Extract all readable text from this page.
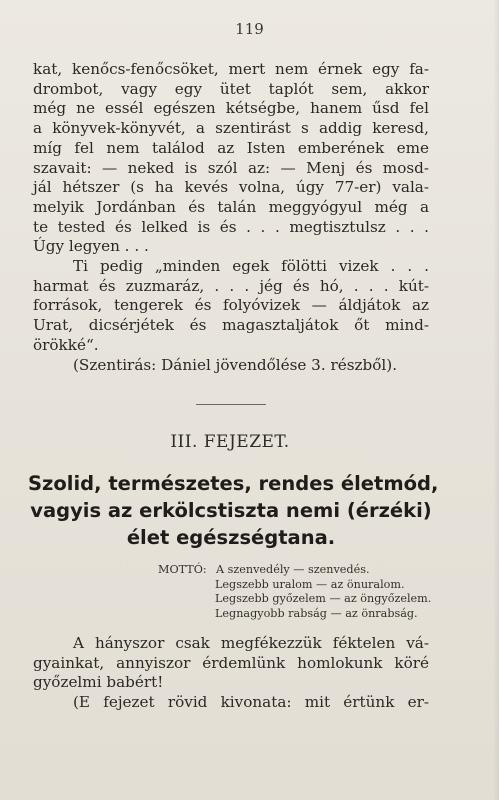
119
kat, kenőcs-fenőcsöket, mert nem érnek egy fa-
drombot, vagy egy ütet taplót sem, akkor
még ne essél egészen kétségbe, hanem űsd fel
a könyvek-könyvét, a szentirást s addig keresd,
míg fel nem találod az Isten emberének eme
szavait: — neked is szól az: — Menj és mosd-
jál hétszer (s ha kevés volna, úgy 77-er) vala-
melyik Jordánban és talán meggyógyul még a
te tested és lelked is és . . . megtisztulsz . . .
Úgy legyen . . .
Ti pedig „minden egek fölötti vizek . . .
harmat és zuzmaráz, . . . jég és hó, . . . kút-
források, tengerek és folyóvizek — áldjátok az
Urat, dicsérjétek és magasztaljátok őt mind-
örökké“.
(Szentirás: Dániel jövendőlése 3. részből).
III. FEJEZET.
Szolid, természetes, rendes életmód,
vagyis az erkölcstiszta nemi (érzéki)
élet egészségtana.
MOTTÓ: A szenvedély — szenvedés.
Legszebb uralom — az önuralom.
Legszebb győzelem — az öngyőzelem.
Legnagyobb rabság — az önrabság.
A hányszor csak megfékezzük féktelen vá-
gyainkat, annyiszor érdemlünk homlokunk köré
győzelmi babért!
(E fejezet rövid kivonata: mit értünk er-
